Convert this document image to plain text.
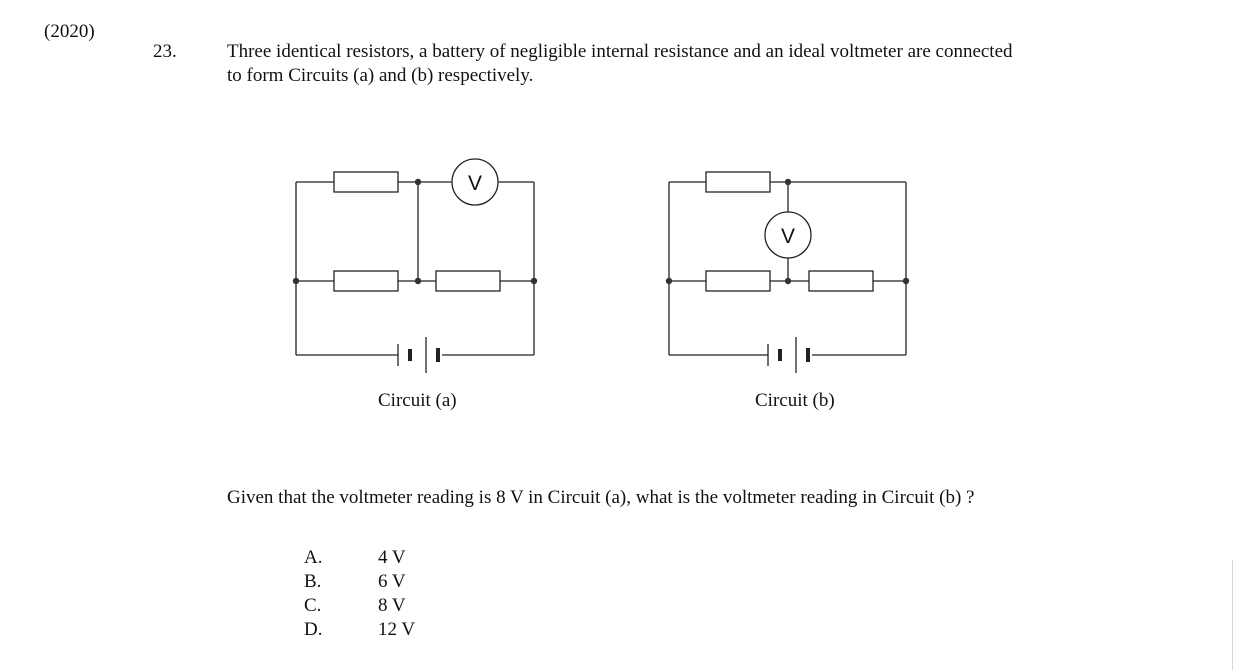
(2020)
23.	Three identical resistors, a battery of negligible internal resistance and an ideal voltmeter are connected
to form Circuits (a) and (b) respectively.
V
V
Circuit (a)	Circuit (b)
Given that the voltmeter reading is 8 V in Circuit (a), what is the voltmeter reading in Circuit (b) ?
A.	4 V
B.	6 V
C.	8 V
D.	12 V
